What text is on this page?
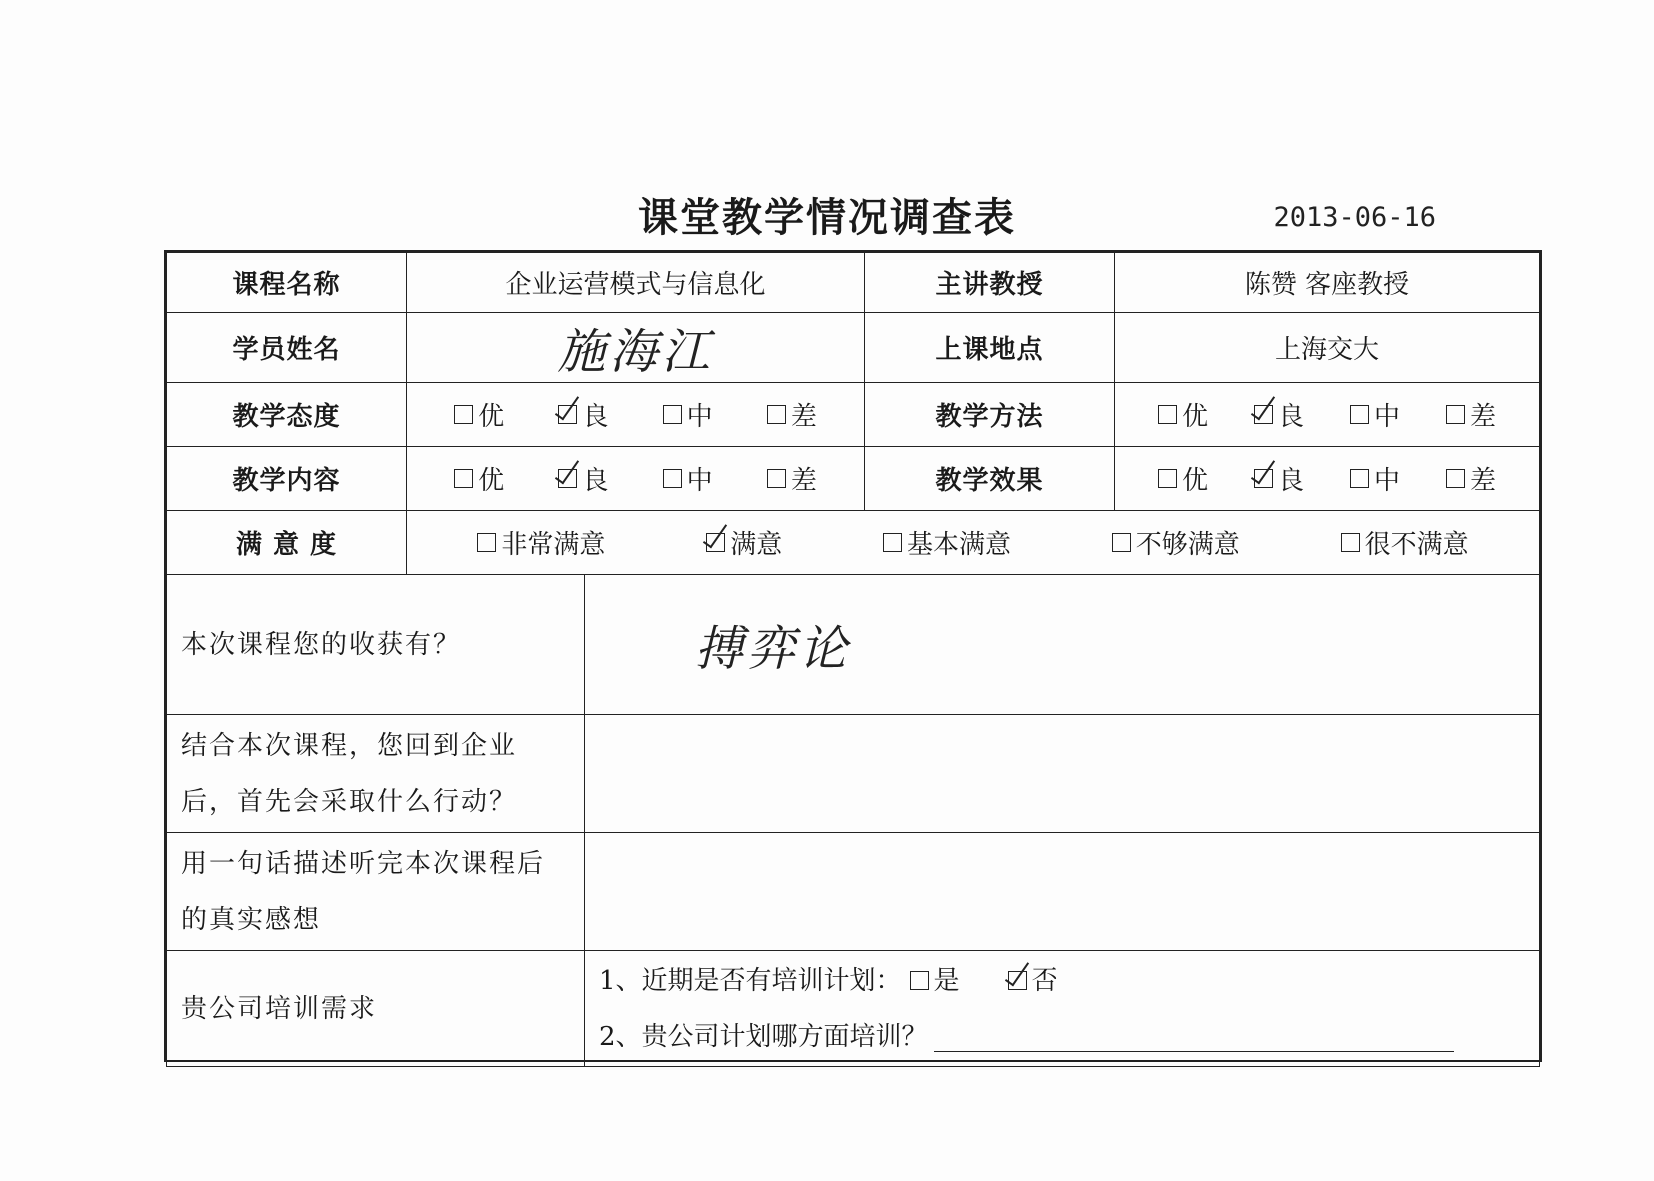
课堂教学情况调查表	2013-06-16
课程名称	企业运营模式与信息化		主讲教授	陈赞 客座教授
学员姓名	施海江		上课地点	上海交大
教学态度	优 良 中 差		教学方法	优 良 中 差

教学内容	优 良 中 差		教学效果	优 良 中 差

满 意 度	非常满意 满意 基本满意 不够满意 很不满意			

本次课程您的收获有？		搏弈论		
结合本次课程，您回到企业后，首先会采取什么行动？				
用一句话描述听完本次课程后的真实感想				
贵公司培训需求		1、近期是否有培训计划： 是 否
2、贵公司计划哪方面培训？		
